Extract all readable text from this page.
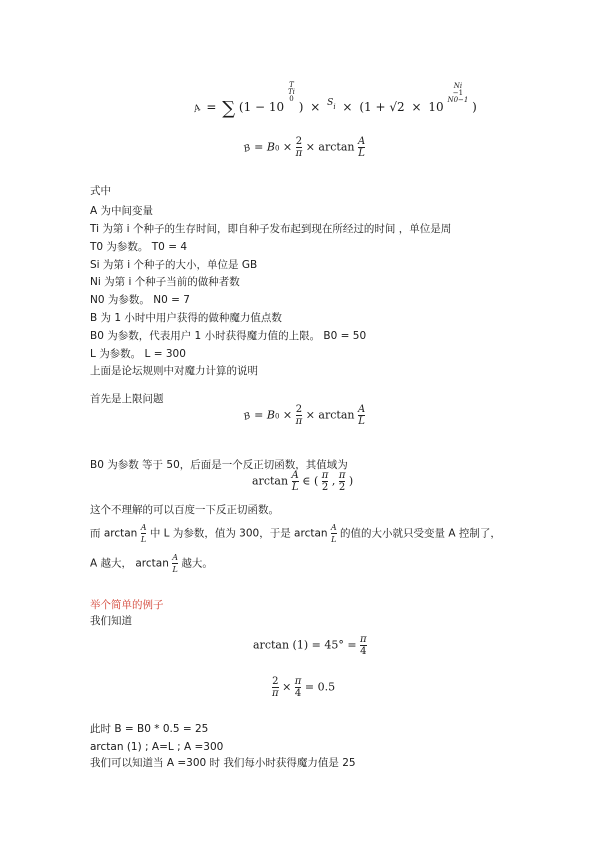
A = ∑ (1 − 10
T
Ti
0
) × Si × (1 + √2 × 10
Ni
−1
N0−1 )
$B = B0 \times \frac{2}{\pi} \times \arctan \frac{A}{L}$
式中
A 为中间变量
Ti 为第 i 个种子的生存时间，即自种子发布起到现在所经过的时间 ，单位是周
T0 为参数。 T0 = 4
Si 为第 i 个种子的大小，单位是 GB
Ni 为第 i 个种子当前的做种者数
N0 为参数。 N0 = 7
B 为 1 小时中用户获得的做种魔力值点数
B0 为参数，代表用户 1 小时获得魔力值的上限。 B0 = 50
L 为参数。 L = 300
上面是论坛规则中对魔力计算的说明
首先是上限问题
$B = B0 \times \frac{2}{\pi} \times \arctan \frac{A}{L}$
B0 为参数 等于 50，后面是一个反正切函数，其值域为
$\arctan \frac{A}{L}$ ∈ ( $\frac{\pi}{2}$ , $\frac{\pi}{2}$ )
这个不理解的可以百度一下反正切函数。
而 $\arctan \frac{A}{L}$ 中 L 为参数，值为 300，于是 $\arctan \frac{A}{L}$ 的值的大小就只受变量 A 控制了，
A 越大， $\arctan \frac{A}{L}$ 越大。
举个简单的例子
我们知道
$\arctan (1) = 45^\circ = \frac{\pi}{4}$
$\frac{2}{\pi} \times \frac{\pi}{4} = 0.5$
此时 B = B0 * 0.5 = 25
arctan (1) ; A=L ; A =300
我们可以知道当 A =300 时 我们每小时获得魔力值是 25
